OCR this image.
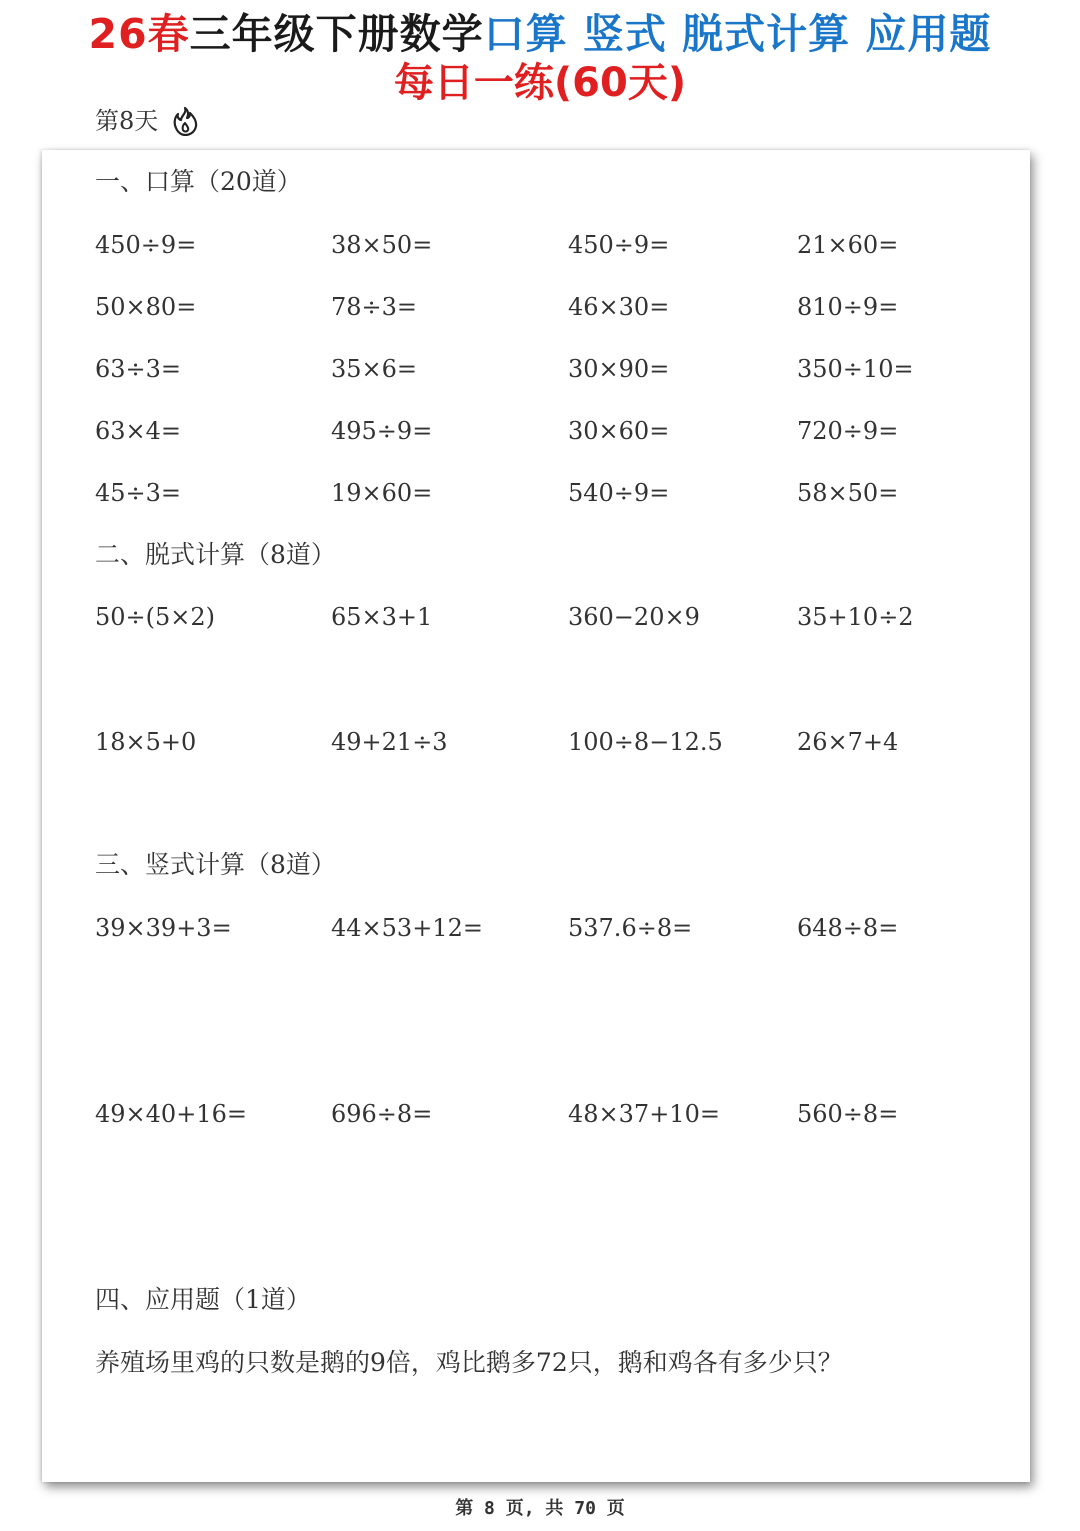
26春三年级下册数学口算 竖式 脱式计算 应用题
每日一练(60天)
第8天
一、口算（20道）
450÷9=	38×50=	450÷9=	21×60=
50×80=	78÷3=	46×30=	810÷9=
63÷3=	35×6=	30×90=	350÷10=
63×4=	495÷9=	30×60=	720÷9=
45÷3=	19×60=	540÷9=	58×50=
二、脱式计算（8道）
50÷(5×2)	65×3+1	360−20×9	35+10÷2
18×5+0	49+21÷3	100÷8−12.5	26×7+4
三、竖式计算（8道）
39×39+3=	44×53+12=	537.6÷8=	648÷8=
49×40+16=	696÷8=	48×37+10=	560÷8=
四、应用题（1道）
养殖场里鸡的只数是鹅的9倍，鸡比鹅多72只，鹅和鸡各有多少只？
第 8 页, 共 70 页
